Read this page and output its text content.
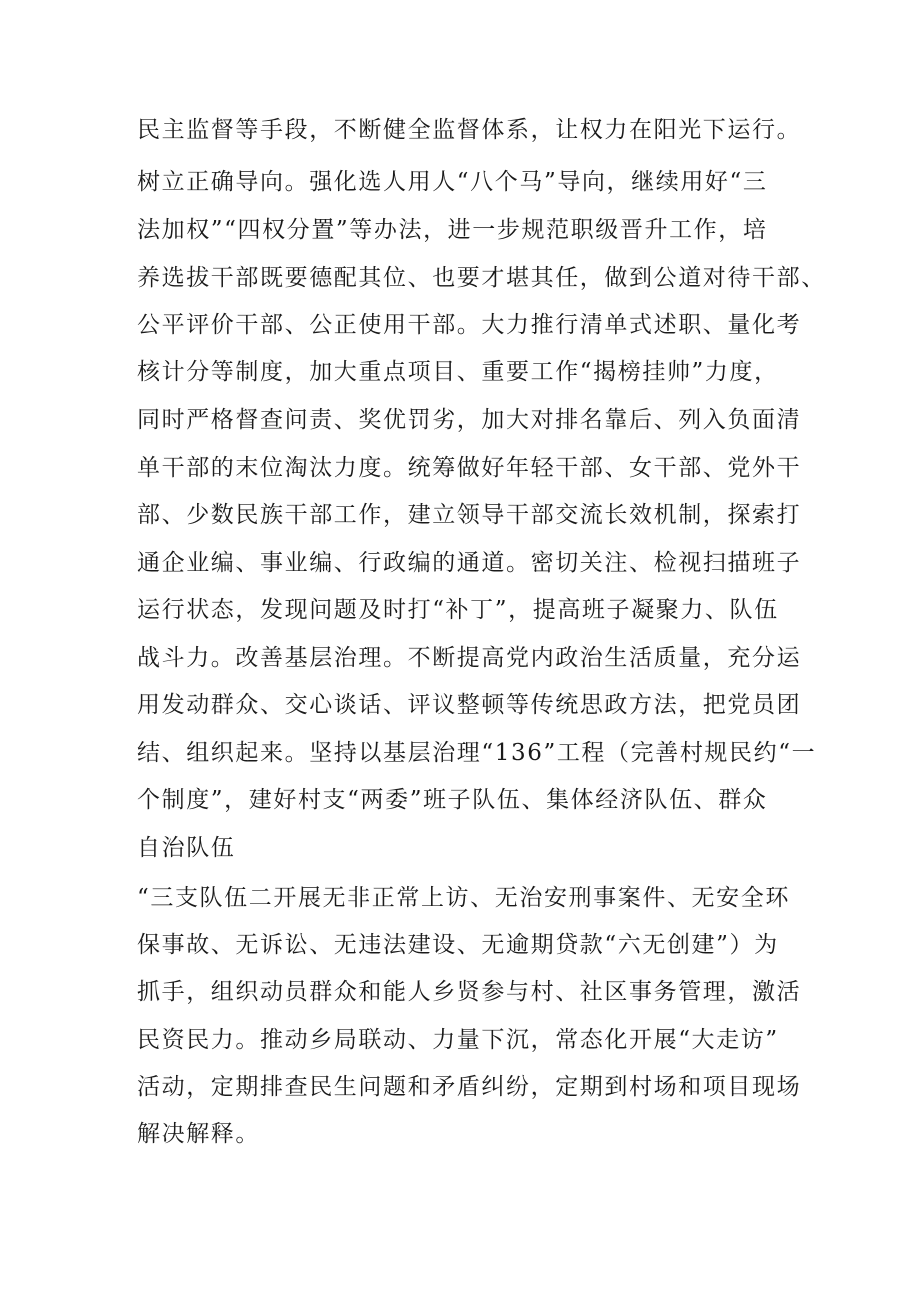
民主监督等手段，不断健全监督体系，让权力在阳光下运行。
树立正确导向。强化选人用人“八个马”导向，继续用好“三
法加权”“四权分置”等办法，进一步规范职级晋升工作，培
养选拔干部既要德配其位、也要才堪其任，做到公道对待干部、
公平评价干部、公正使用干部。大力推行清单式述职、量化考
核计分等制度，加大重点项目、重要工作“揭榜挂帅”力度，
同时严格督查问责、奖优罚劣，加大对排名靠后、列入负面清
单干部的末位淘汰力度。统筹做好年轻干部、女干部、党外干
部、少数民族干部工作，建立领导干部交流长效机制，探索打
通企业编、事业编、行政编的通道。密切关注、检视扫描班子
运行状态，发现问题及时打“补丁”，提高班子凝聚力、队伍
战斗力。改善基层治理。不断提高党内政治生活质量，充分运
用发动群众、交心谈话、评议整顿等传统思政方法，把党员团
结、组织起来。坚持以基层治理“136”工程（完善村规民约“一
个制度”，建好村支“两委”班子队伍、集体经济队伍、群众
自治队伍
“三支队伍二开展无非正常上访、无治安刑事案件、无安全环
保事故、无诉讼、无违法建设、无逾期贷款“六无创建”）为
抓手，组织动员群众和能人乡贤参与村、社区事务管理，激活
民资民力。推动乡局联动、力量下沉，常态化开展“大走访”
活动，定期排查民生问题和矛盾纠纷，定期到村场和项目现场
解决解释。
